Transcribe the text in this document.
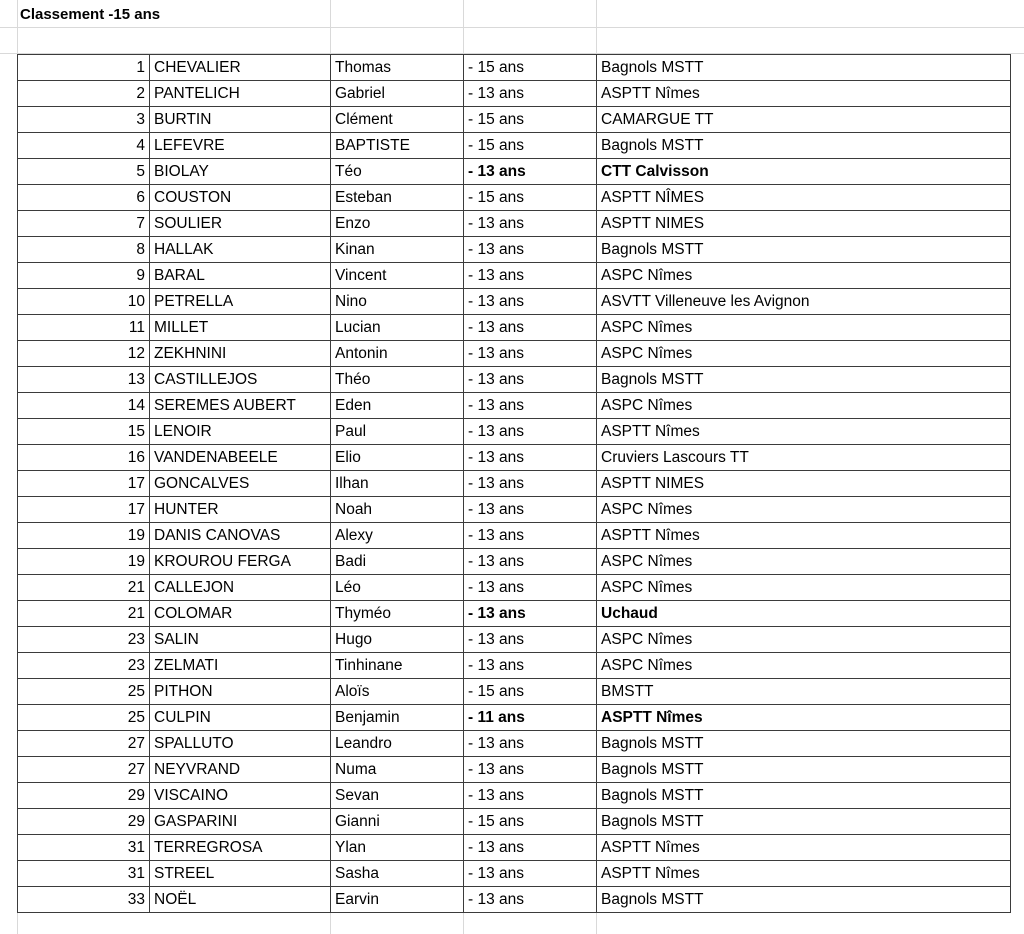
Classement -15 ans
1	CHEVALIER	Thomas	- 15 ans	Bagnols MSTT
2	PANTELICH	Gabriel	- 13 ans	ASPTT Nîmes
3	BURTIN	Clément	- 15 ans	CAMARGUE TT
4	LEFEVRE	BAPTISTE	- 15 ans	Bagnols MSTT
5	BIOLAY	Téo	- 13 ans	CTT Calvisson
6	COUSTON	Esteban	- 15 ans	ASPTT NÎMES
7	SOULIER	Enzo	- 13 ans	ASPTT NIMES
8	HALLAK	Kinan	- 13 ans	Bagnols MSTT
9	BARAL	Vincent	- 13 ans	ASPC Nîmes
10	PETRELLA	Nino	- 13 ans	ASVTT Villeneuve les Avignon
11	MILLET	Lucian	- 13 ans	ASPC Nîmes
12	ZEKHNINI	Antonin	- 13 ans	ASPC Nîmes
13	CASTILLEJOS	Théo	- 13 ans	Bagnols MSTT
14	SEREMES AUBERT	Eden	- 13 ans	ASPC Nîmes
15	LENOIR	Paul	- 13 ans	ASPTT Nîmes
16	VANDENABEELE	Elio	- 13 ans	Cruviers Lascours TT
17	GONCALVES	Ilhan	- 13 ans	ASPTT NIMES
17	HUNTER	Noah	- 13 ans	ASPC Nîmes
19	DANIS CANOVAS	Alexy	- 13 ans	ASPTT Nîmes
19	KROUROU FERGA	Badi	- 13 ans	ASPC Nîmes
21	CALLEJON	Léo	- 13 ans	ASPC Nîmes
21	COLOMAR	Thyméo	- 13 ans	Uchaud
23	SALIN	Hugo	- 13 ans	ASPC Nîmes
23	ZELMATI	Tinhinane	- 13 ans	ASPC Nîmes
25	PITHON	Aloïs	- 15 ans	BMSTT
25	CULPIN	Benjamin	- 11 ans	ASPTT Nîmes
27	SPALLUTO	Leandro	- 13 ans	Bagnols MSTT
27	NEYVRAND	Numa	- 13 ans	Bagnols MSTT
29	VISCAINO	Sevan	- 13 ans	Bagnols MSTT
29	GASPARINI	Gianni	- 15 ans	Bagnols MSTT
31	TERREGROSA	Ylan	- 13 ans	ASPTT Nîmes
31	STREEL	Sasha	- 13 ans	ASPTT Nîmes
33	NOËL	Earvin	- 13 ans	Bagnols MSTT
